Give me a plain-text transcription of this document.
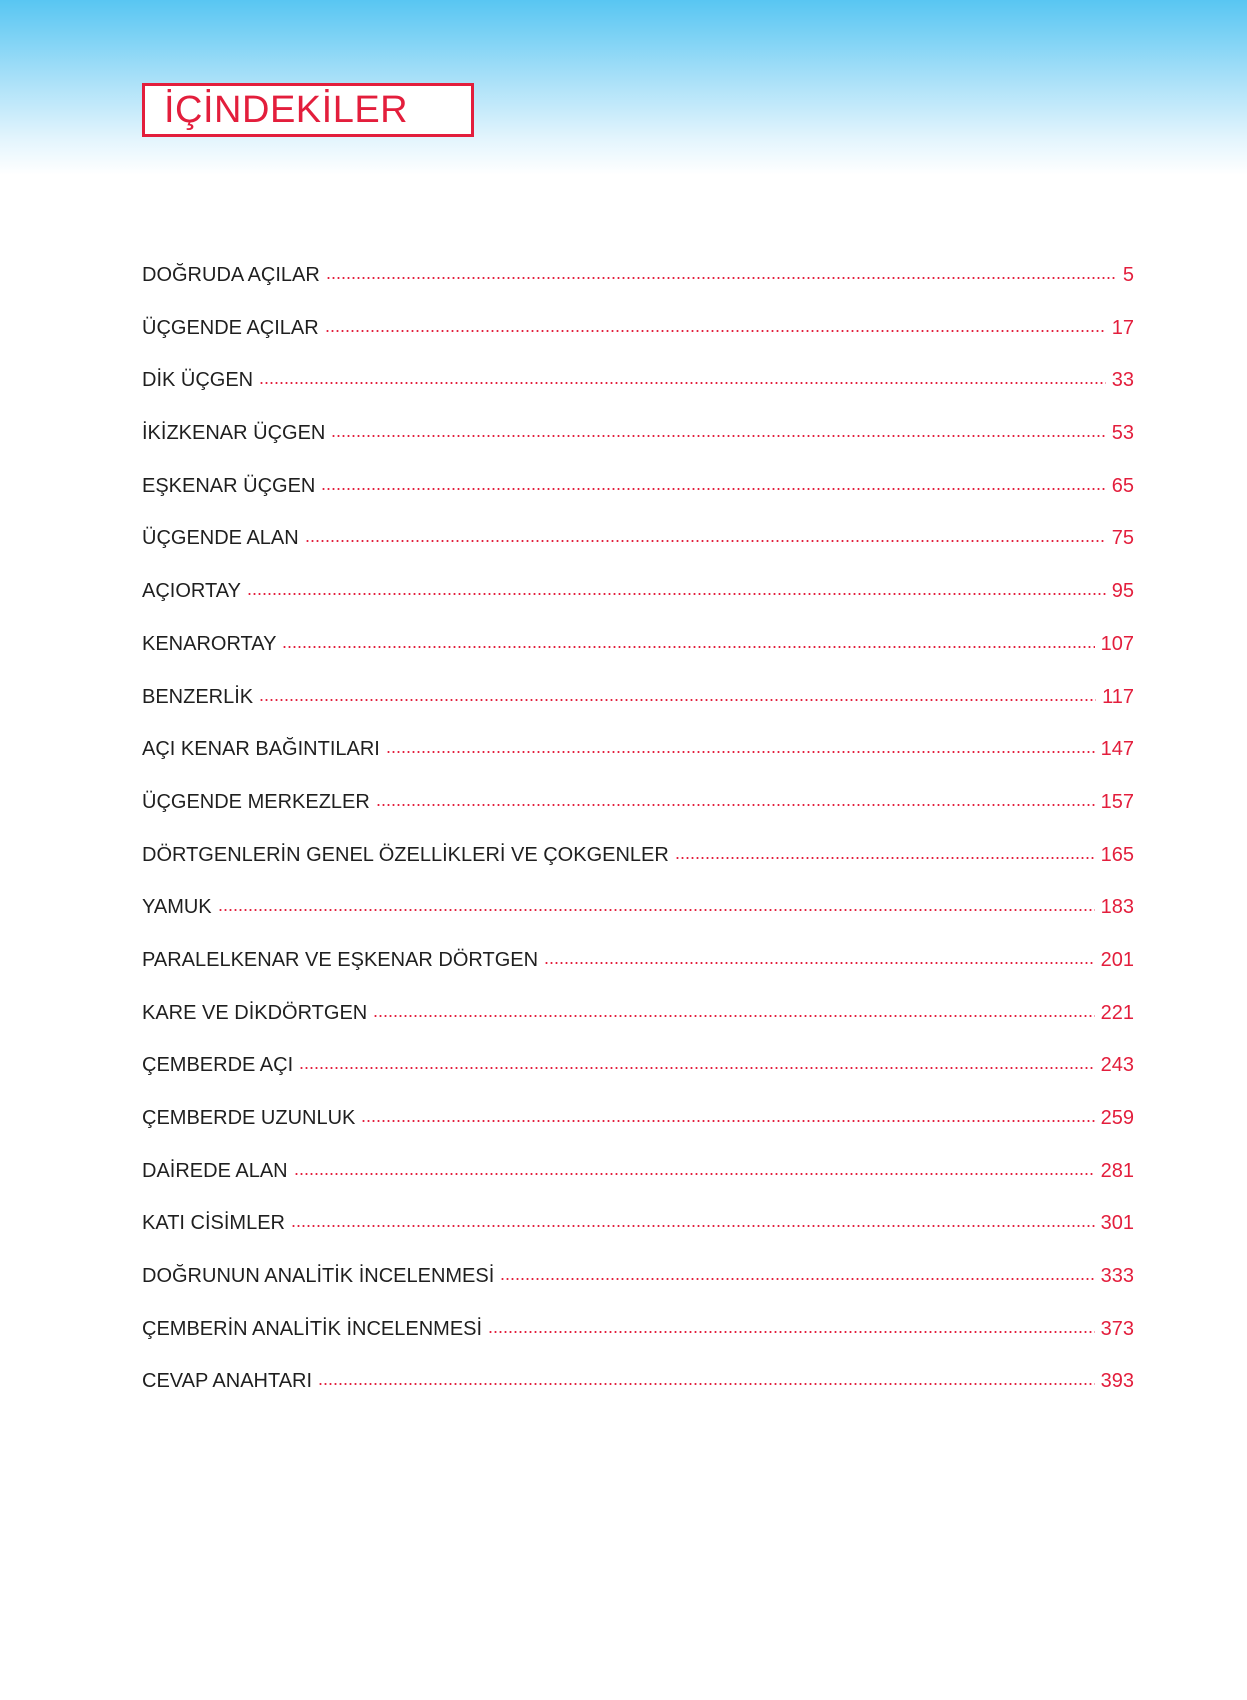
İÇİNDEKİLER
DOĞRUDA AÇILAR	5
ÜÇGENDE AÇILAR	17
DİK ÜÇGEN	33
İKİZKENAR ÜÇGEN	53
EŞKENAR ÜÇGEN	65
ÜÇGENDE ALAN	75
AÇIORTAY	95
KENARORTAY	107
BENZERLİK	117
AÇI KENAR BAĞINTILARI	147
ÜÇGENDE MERKEZLER	157
DÖRTGENLERİN GENEL ÖZELLİKLERİ VE ÇOKGENLER	165
YAMUK	183
PARALELKENAR VE EŞKENAR DÖRTGEN	201
KARE VE DİKDÖRTGEN	221
ÇEMBERDE AÇI	243
ÇEMBERDE UZUNLUK	259
DAİREDE ALAN	281
KATI CİSİMLER	301
DOĞRUNUN ANALİTİK İNCELENMESİ	333
ÇEMBERİN ANALİTİK İNCELENMESİ	373
CEVAP ANAHTARI	393
